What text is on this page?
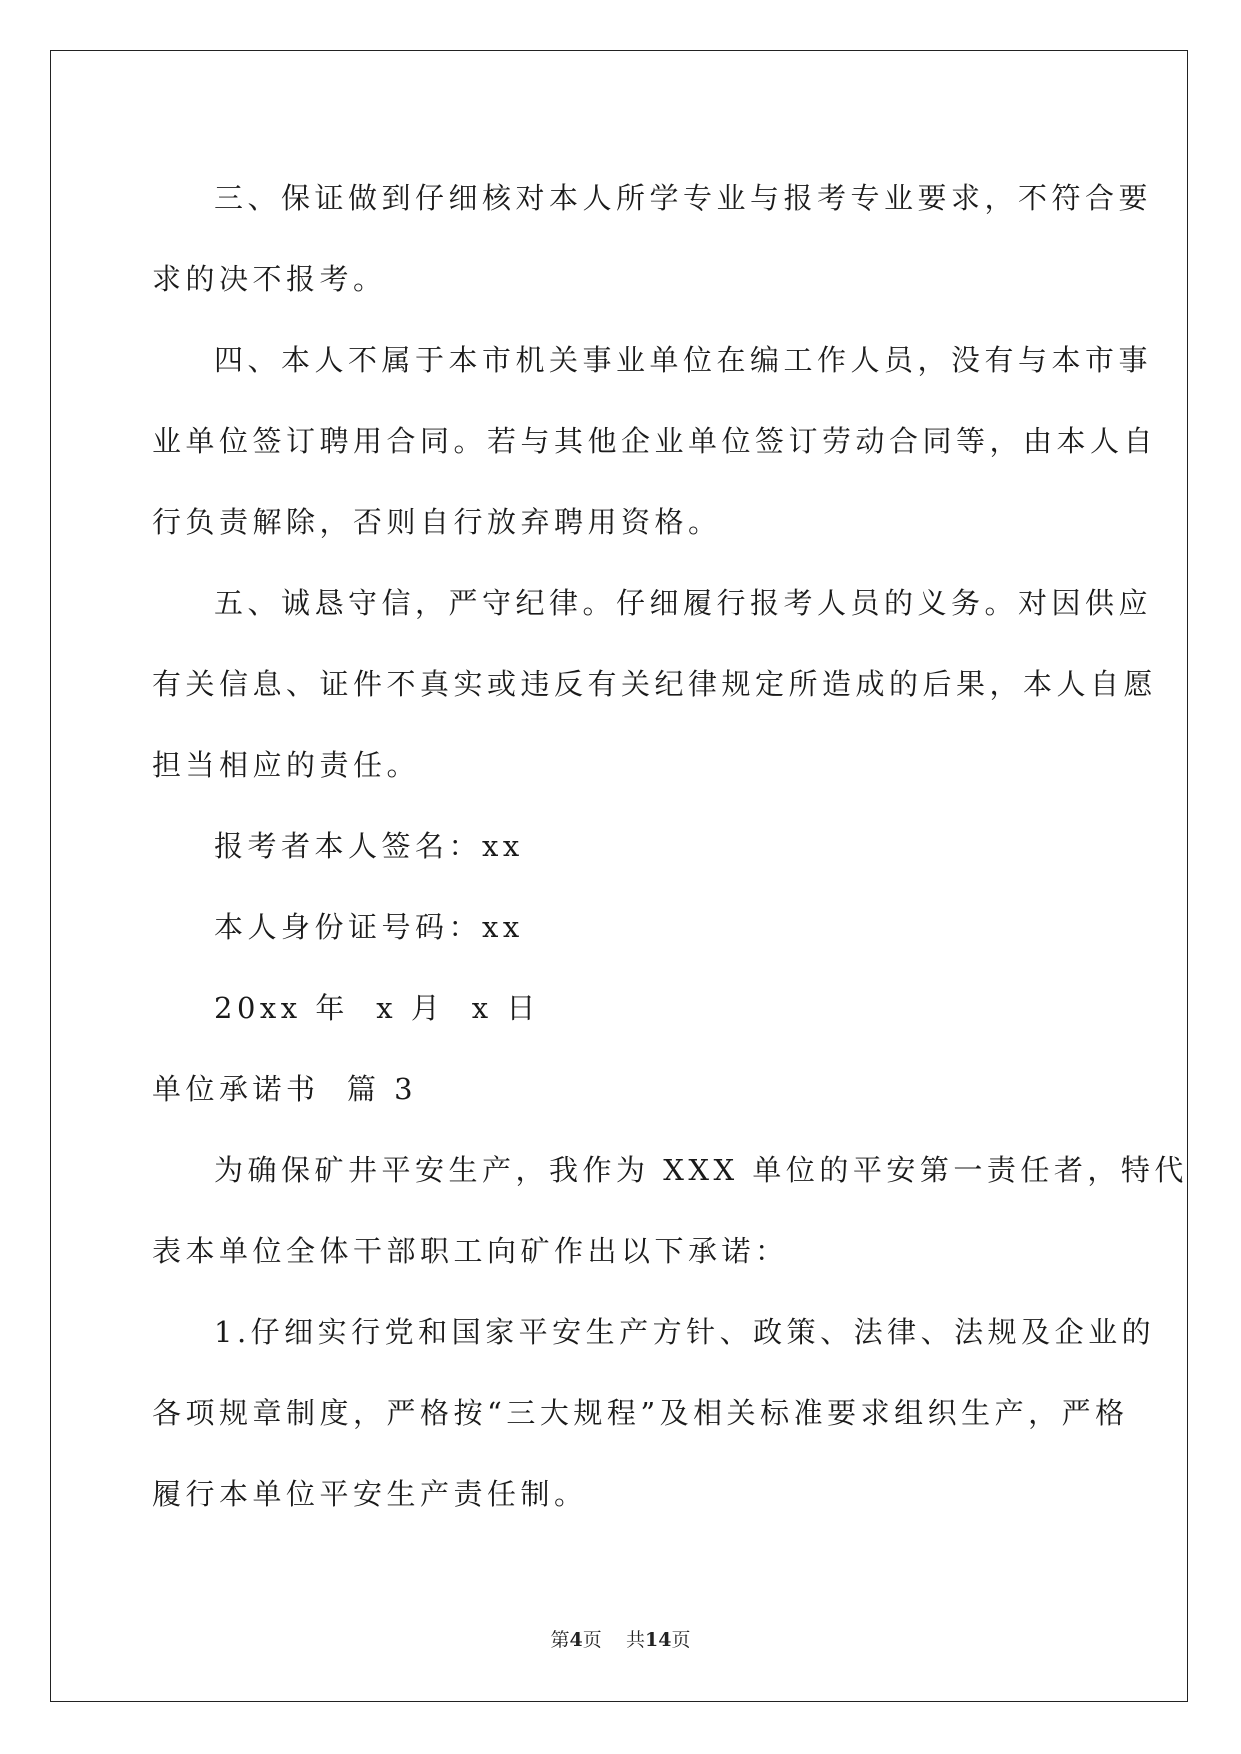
三、保证做到仔细核对本人所学专业与报考专业要求，不符合要
求的决不报考。
四、本人不属于本市机关事业单位在编工作人员，没有与本市事
业单位签订聘用合同。若与其他企业单位签订劳动合同等，由本人自
行负责解除，否则自行放弃聘用资格。
五、诚恳守信，严守纪律。仔细履行报考人员的义务。对因供应
有关信息、证件不真实或违反有关纪律规定所造成的后果，本人自愿
担当相应的责任。
报考者本人签名：xx
本人身份证号码：xx
20xx 年  x 月  x 日
单位承诺书  篇 3
为确保矿井平安生产，我作为 XXX 单位的平安第一责任者，特代
表本单位全体干部职工向矿作出以下承诺：
1.仔细实行党和国家平安生产方针、政策、法律、法规及企业的
各项规章制度，严格按“三大规程”及相关标准要求组织生产，严格
履行本单位平安生产责任制。
第4页 共14页
